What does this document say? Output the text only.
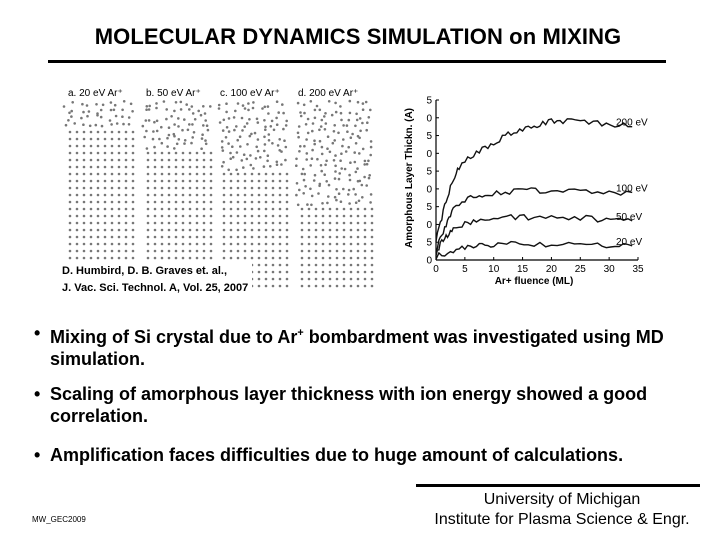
MOLECULAR DYNAMICS SIMULATION on MIXING
a. 20 eV Ar⁺ b. 50 eV Ar⁺ c. 100 eV Ar⁺ d. 200 eV Ar⁺
D. Humbird, D. B. Graves et. al.,
J. Vac. Sci. Technol. A, Vol. 25, 2007
Amorphous Layer Thickn. (A)
Ar+ fluence (ML)
0 5 10 15 20 25 30 35
0
5
0
5
0
5
0
5
0
5
200 eV
100 eV
50 eV
20 eV
• Mixing of Si crystal due to Ar+ bombardment was investigated using MD simulation.
• Scaling of amorphous layer thickness with ion energy showed a good correlation.
• Amplification faces difficulties due to huge amount of calculations.
MW_GEC2009
University of Michigan
Institute for Plasma Science & Engr.
